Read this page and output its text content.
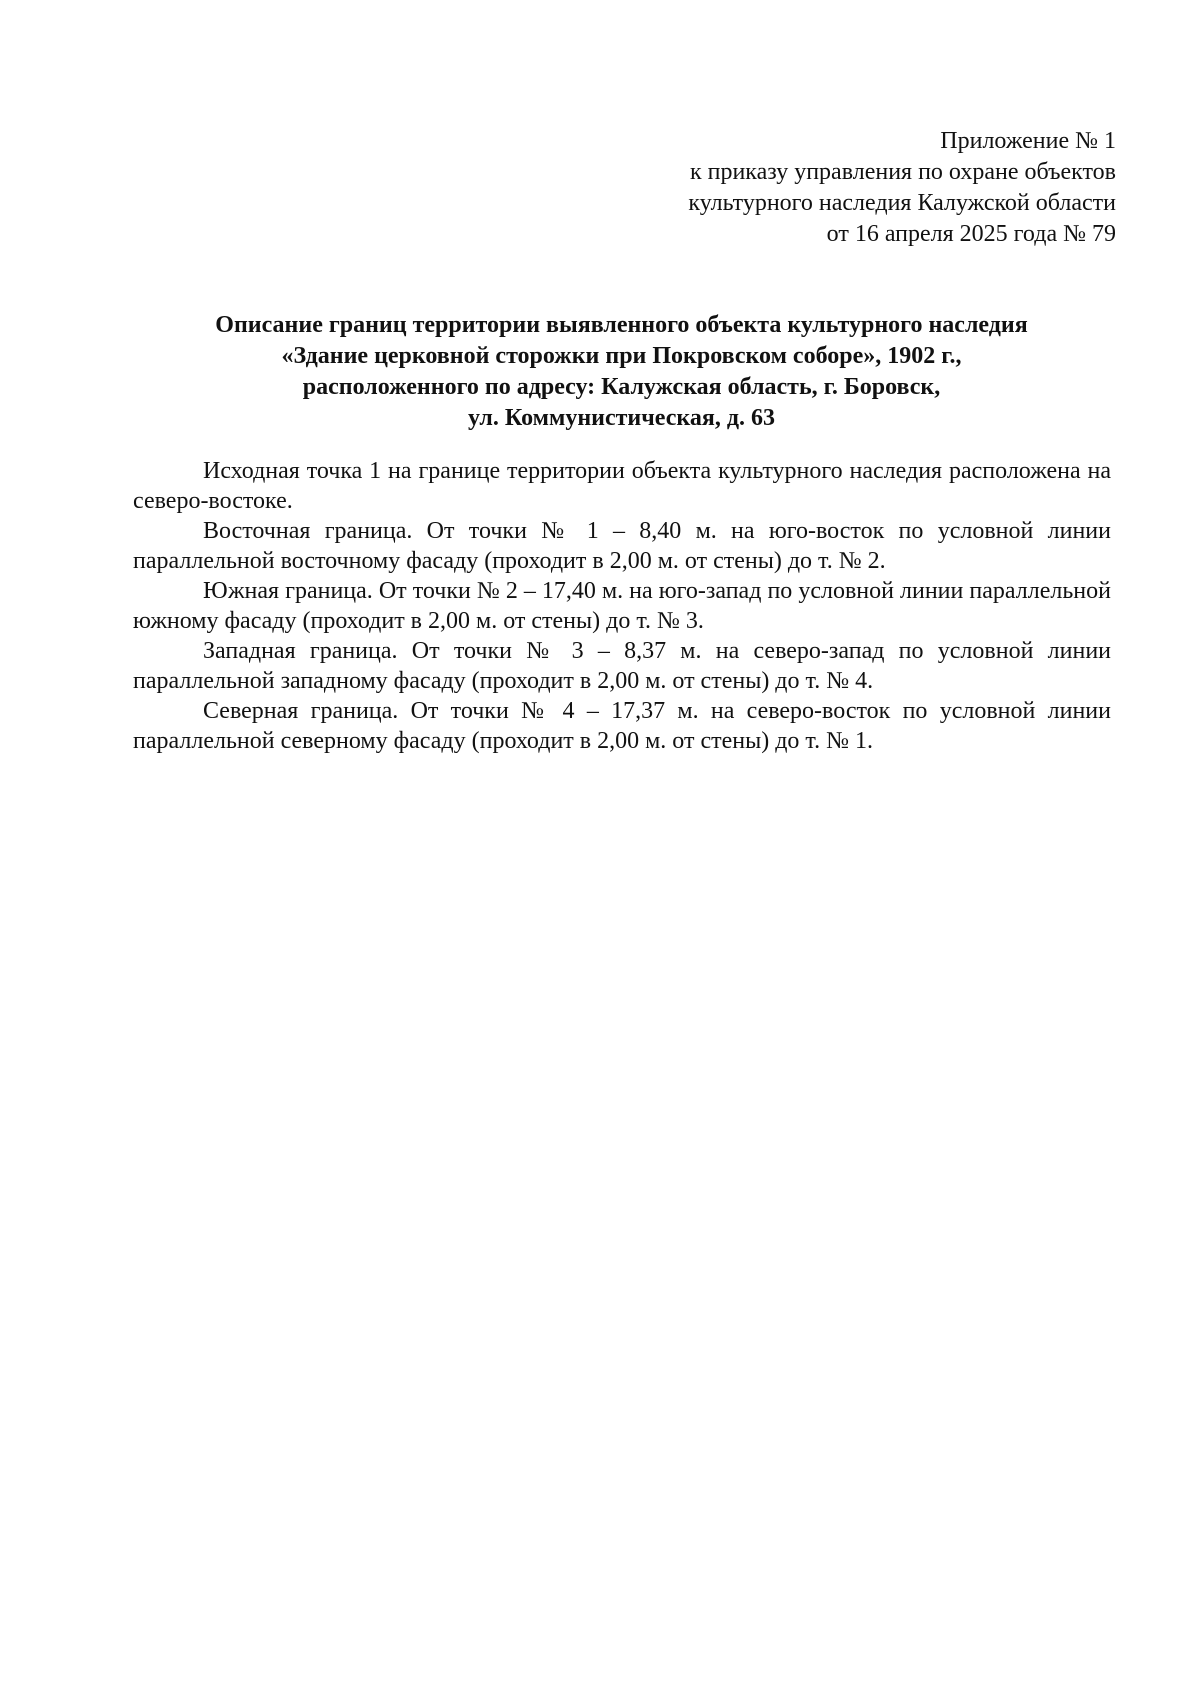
Приложение № 1
к приказу управления по охране объектов
культурного наследия Калужской области
от 16 апреля 2025 года № 79
Описание границ территории выявленного объекта культурного наследия
«Здание церковной сторожки при Покровском соборе», 1902 г.,
расположенного по адресу: Калужская область, г. Боровск,
ул. Коммунистическая, д. 63

Исходная точка 1 на границе территории объекта культурного наследия расположена на северо-востоке.

Восточная граница. От точки № 1 – 8,40 м. на юго-восток по условной линии параллельной восточному фасаду (проходит в 2,00 м. от стены) до т. № 2.

Южная граница. От точки № 2 – 17,40 м. на юго-запад по условной линии параллельной южному фасаду (проходит в 2,00 м. от стены) до т. № 3.

Западная граница. От точки № 3 – 8,37 м. на северо-запад по условной линии параллельной западному фасаду (проходит в 2,00 м. от стены) до т. № 4.

Северная граница. От точки № 4 – 17,37 м. на северо-восток по условной линии параллельной северному фасаду (проходит в 2,00 м. от стены) до т. № 1.
